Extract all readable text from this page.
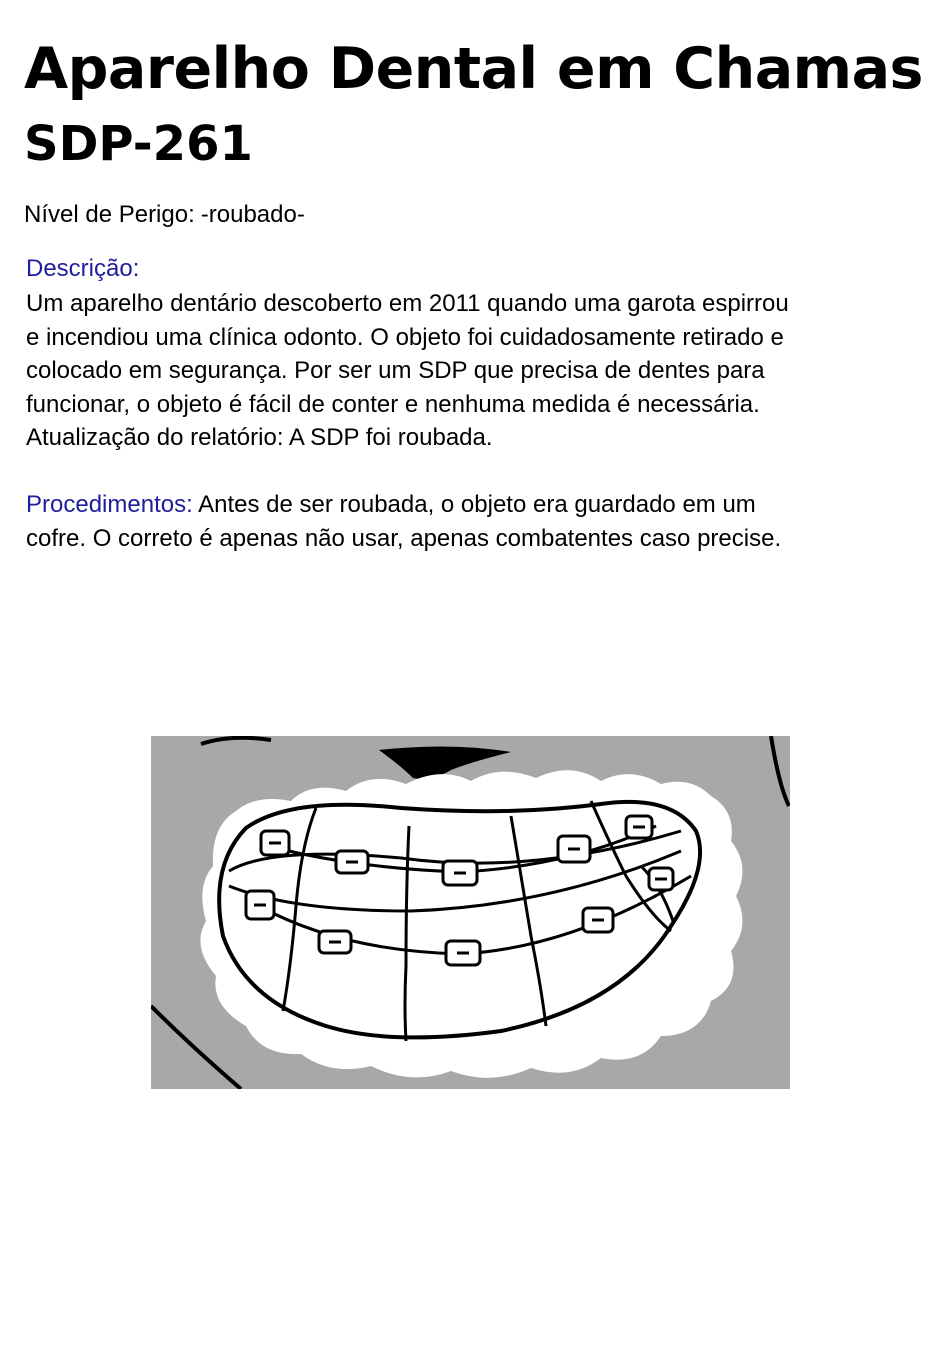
Aparelho Dental em Chamas
SDP-261
Nível de Perigo: -roubado-
Descrição:

Um aparelho dentário descoberto em 2011 quando uma garota espirrou

e incendiou uma clínica odonto. O objeto foi cuidadosamente retirado e

colocado em segurança. Por ser um SDP que precisa de dentes para

funcionar, o objeto é fácil de conter e nenhuma medida é necessária.

Atualização do relatório: A SDP foi roubada.

Procedimentos: Antes de ser roubada, o objeto era guardado em um

cofre. O correto é apenas não usar, apenas combatentes caso precise.
